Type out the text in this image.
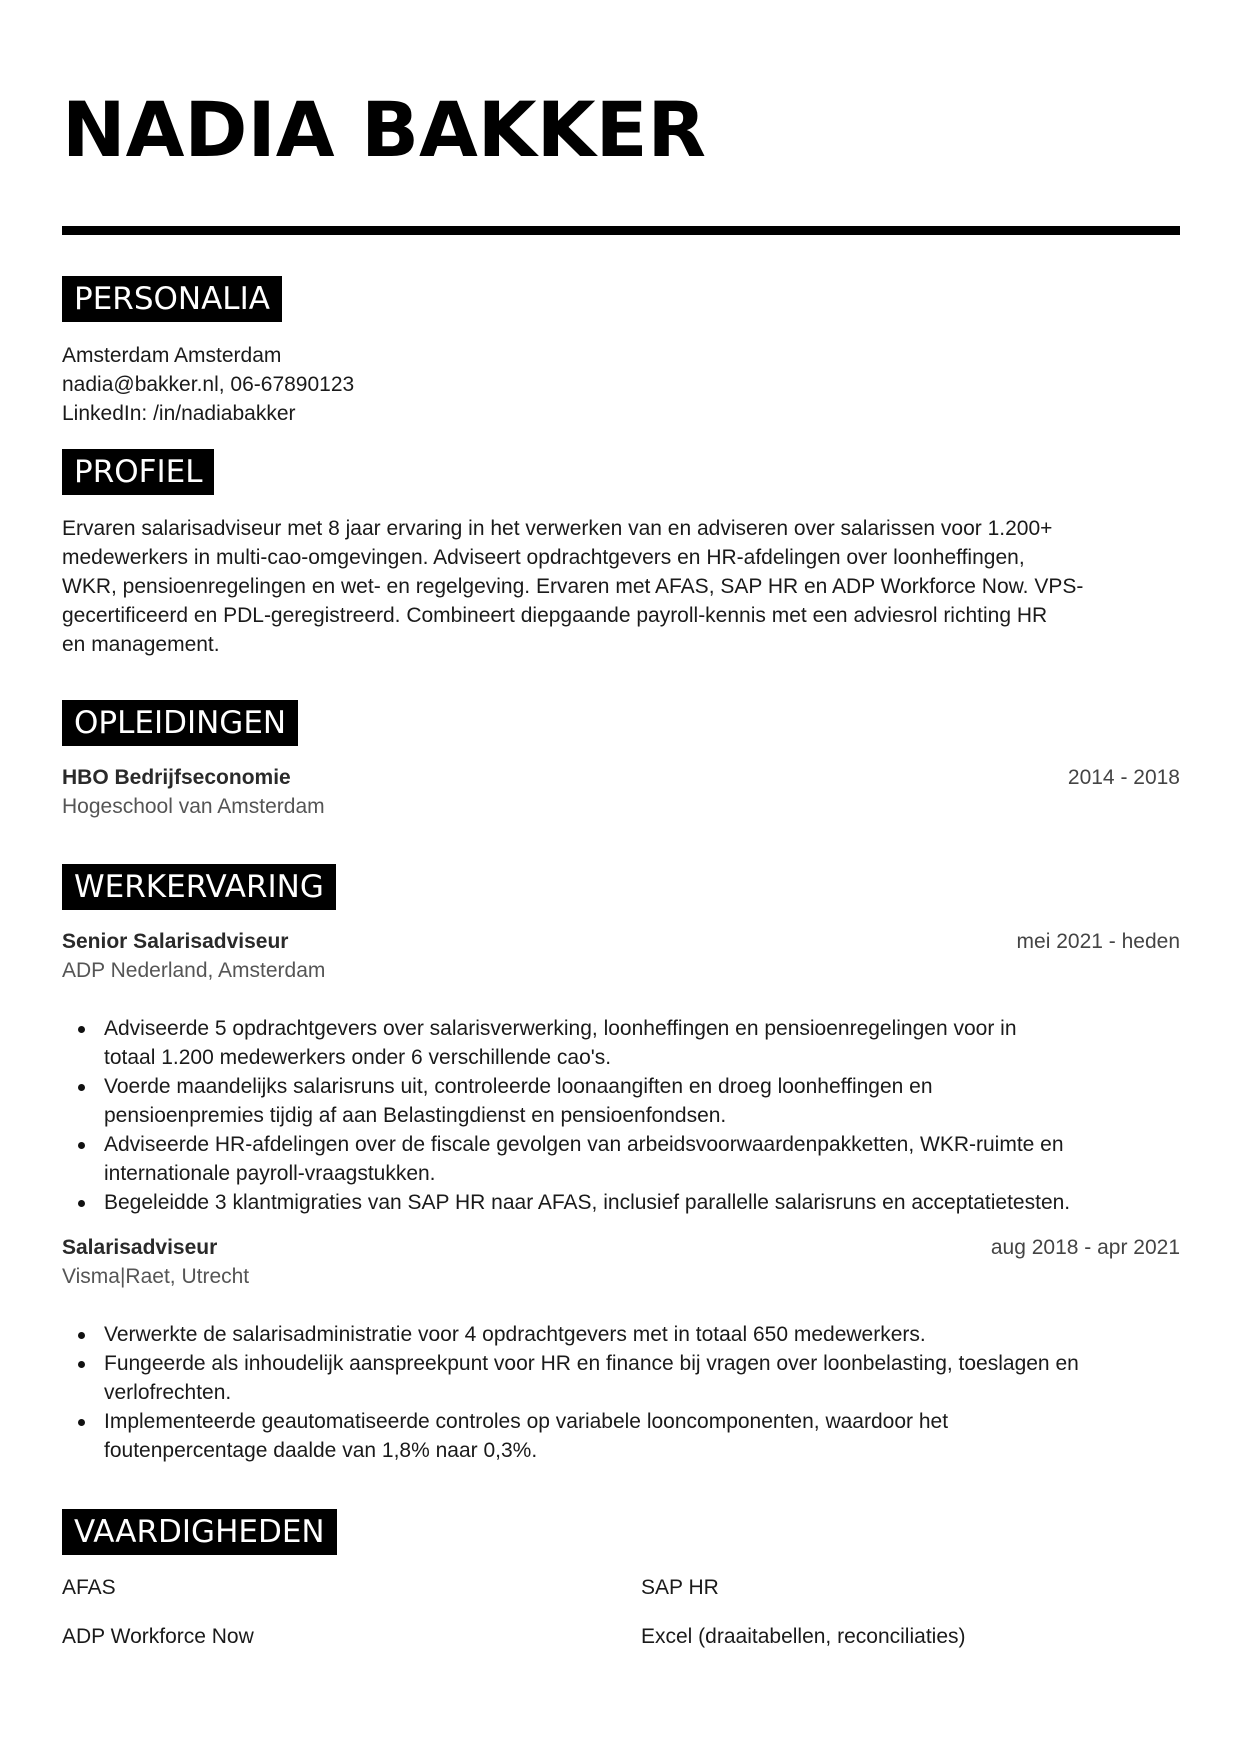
NADIA BAKKER
PERSONALIA
Amsterdam Amsterdam
nadia@bakker.nl, 06-67890123
LinkedIn: /in/nadiabakker
PROFIEL
Ervaren salarisadviseur met 8 jaar ervaring in het verwerken van en adviseren over salarissen voor 1.200+
medewerkers in multi-cao-omgevingen. Adviseert opdrachtgevers en HR-afdelingen over loonheffingen,
WKR, pensioenregelingen en wet- en regelgeving. Ervaren met AFAS, SAP HR en ADP Workforce Now. VPS-
gecertificeerd en PDL-geregistreerd. Combineert diepgaande payroll-kennis met een adviesrol richting HR
en management.
OPLEIDINGEN
HBO Bedrijfseconomie	2014 - 2018
Hogeschool van Amsterdam
WERKERVARING
Senior Salarisadviseur	mei 2021 - heden
ADP Nederland, Amsterdam
Adviseerde 5 opdrachtgevers over salarisverwerking, loonheffingen en pensioenregelingen voor in
totaal 1.200 medewerkers onder 6 verschillende cao's.
Voerde maandelijks salarisruns uit, controleerde loonaangiften en droeg loonheffingen en
pensioenpremies tijdig af aan Belastingdienst en pensioenfondsen.
Adviseerde HR-afdelingen over de fiscale gevolgen van arbeidsvoorwaardenpakketten, WKR-ruimte en
internationale payroll-vraagstukken.
Begeleidde 3 klantmigraties van SAP HR naar AFAS, inclusief parallelle salarisruns en acceptatietesten.
Salarisadviseur	aug 2018 - apr 2021
Visma|Raet, Utrecht
Verwerkte de salarisadministratie voor 4 opdrachtgevers met in totaal 650 medewerkers.
Fungeerde als inhoudelijk aanspreekpunt voor HR en finance bij vragen over loonbelasting, toeslagen en
verlofrechten.
Implementeerde geautomatiseerde controles op variabele looncomponenten, waardoor het
foutenpercentage daalde van 1,8% naar 0,3%.
VAARDIGHEDEN
AFAS	SAP HR
ADP Workforce Now	Excel (draaitabellen, reconciliaties)
